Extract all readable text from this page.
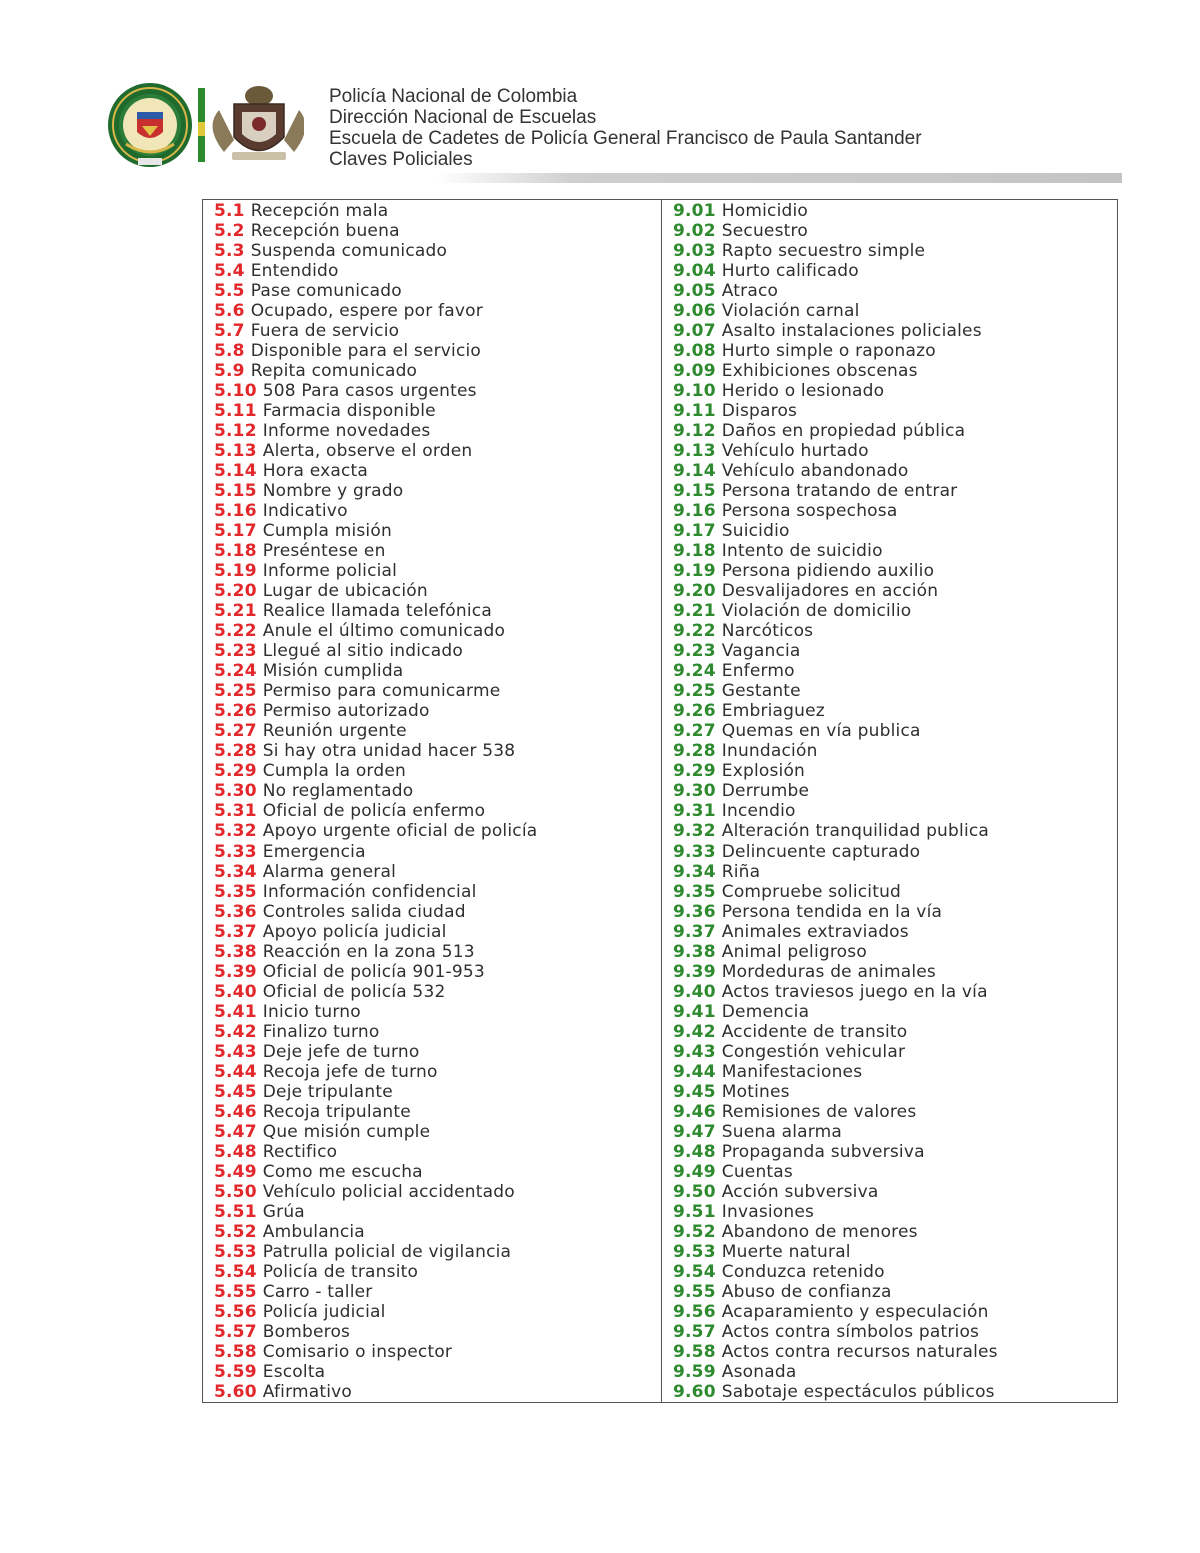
Policía Nacional de Colombia
Dirección Nacional de Escuelas
Escuela de Cadetes de Policía General Francisco de Paula Santander
Claves Policiales
5.1 Recepción mala
5.2 Recepción buena
5.3 Suspenda comunicado
5.4 Entendido
5.5 Pase comunicado
5.6 Ocupado, espere por favor
5.7 Fuera de servicio
5.8 Disponible para el servicio
5.9 Repita comunicado
5.10 508 Para casos urgentes
5.11 Farmacia disponible
5.12 Informe novedades
5.13 Alerta, observe el orden
5.14 Hora exacta
5.15 Nombre y grado
5.16 Indicativo
5.17 Cumpla misión
5.18 Preséntese en
5.19 Informe policial
5.20 Lugar de ubicación
5.21 Realice llamada telefónica
5.22 Anule el último comunicado
5.23 Llegué al sitio indicado
5.24 Misión cumplida
5.25 Permiso para comunicarme
5.26 Permiso autorizado
5.27 Reunión urgente
5.28 Si hay otra unidad hacer 538
5.29 Cumpla la orden
5.30 No reglamentado
5.31 Oficial de policía enfermo
5.32 Apoyo urgente oficial de policía
5.33 Emergencia
5.34 Alarma general
5.35 Información confidencial
5.36 Controles salida ciudad
5.37 Apoyo policía judicial
5.38 Reacción en la zona 513
5.39 Oficial de policía 901-953
5.40 Oficial de policía 532
5.41 Inicio turno
5.42 Finalizo turno
5.43 Deje jefe de turno
5.44 Recoja jefe de turno
5.45 Deje tripulante
5.46 Recoja tripulante
5.47 Que misión cumple
5.48 Rectifico
5.49 Como me escucha
5.50 Vehículo policial accidentado
5.51 Grúa
5.52 Ambulancia
5.53 Patrulla policial de vigilancia
5.54 Policía de transito
5.55 Carro - taller
5.56 Policía judicial
5.57 Bomberos
5.58 Comisario o inspector
5.59 Escolta
5.60 Afirmativo
9.01 Homicidio
9.02 Secuestro
9.03 Rapto secuestro simple
9.04 Hurto calificado
9.05 Atraco
9.06 Violación carnal
9.07 Asalto instalaciones policiales
9.08 Hurto simple o raponazo
9.09 Exhibiciones obscenas
9.10 Herido o lesionado
9.11 Disparos
9.12 Daños en propiedad pública
9.13 Vehículo hurtado
9.14 Vehículo abandonado
9.15 Persona tratando de entrar
9.16 Persona sospechosa
9.17 Suicidio
9.18 Intento de suicidio
9.19 Persona pidiendo auxilio
9.20 Desvalijadores en acción
9.21 Violación de domicilio
9.22 Narcóticos
9.23 Vagancia
9.24 Enfermo
9.25 Gestante
9.26 Embriaguez
9.27 Quemas en vía publica
9.28 Inundación
9.29 Explosión
9.30 Derrumbe
9.31 Incendio
9.32 Alteración tranquilidad publica
9.33 Delincuente capturado
9.34 Riña
9.35 Compruebe solicitud
9.36 Persona tendida en la vía
9.37 Animales extraviados
9.38 Animal peligroso
9.39 Mordeduras de animales
9.40 Actos traviesos juego en la vía
9.41 Demencia
9.42 Accidente de transito
9.43 Congestión vehicular
9.44 Manifestaciones
9.45 Motines
9.46 Remisiones de valores
9.47 Suena alarma
9.48 Propaganda subversiva
9.49 Cuentas
9.50 Acción subversiva
9.51 Invasiones
9.52 Abandono de menores
9.53 Muerte natural
9.54 Conduzca retenido
9.55 Abuso de confianza
9.56 Acaparamiento y especulación
9.57 Actos contra símbolos patrios
9.58 Actos contra recursos naturales
9.59 Asonada
9.60 Sabotaje espectáculos públicos
